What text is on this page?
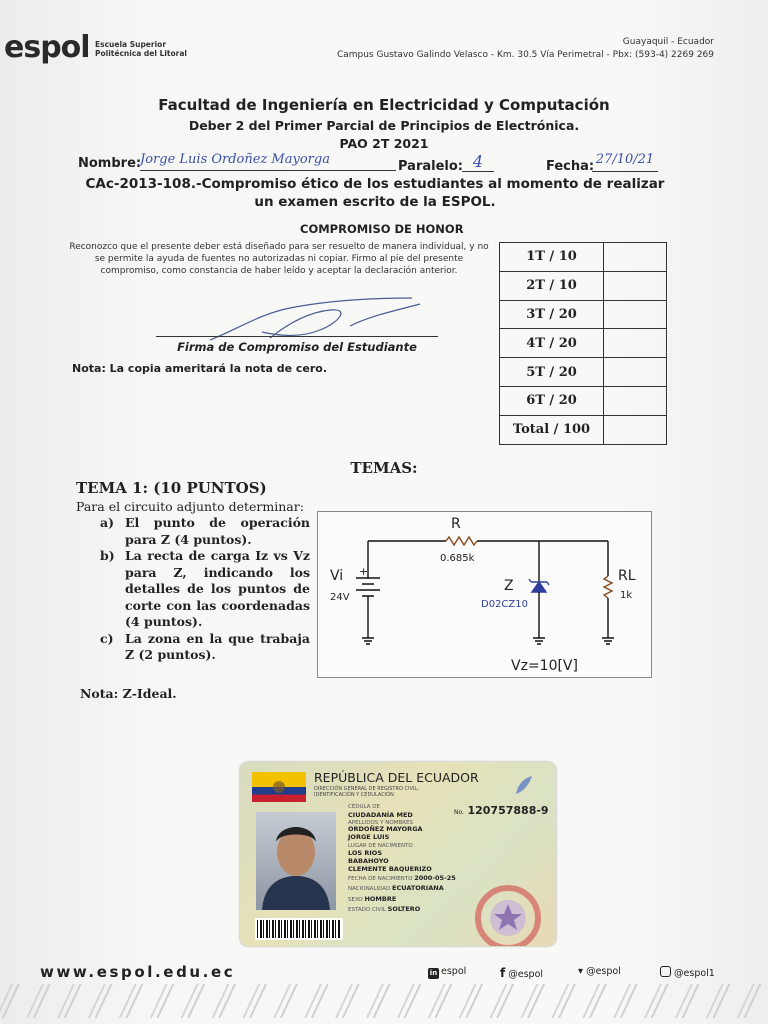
espol Escuela Superior
Politécnica del Litoral
Guayaquil - Ecuador
Campus Gustavo Galindo Velasco - Km. 30.5 Vía Perimetral - Pbx: (593-4) 2269 269
Facultad de Ingeniería en Electricidad y Computación
Deber 2 del Primer Parcial de Principios de Electrónica.
PAO 2T 2021
Nombre:
Jorge Luis Ordoñez Mayorga	Paralelo: 4	Fecha: 27/10/21
CAc-2013-108.-Compromiso ético de los estudiantes al momento de realizar
un examen escrito de la ESPOL.
COMPROMISO DE HONOR
Reconozco que el presente deber está diseñado para ser resuelto de manera individual, y no se permite la ayuda de fuentes no autorizadas ni copiar. Firmo al pie del presente compromiso, como constancia de haber leído y aceptar la declaración anterior.
Firma de Compromiso del Estudiante
Nota: La copia ameritará la nota de cero.
1T / 10	
2T / 10	
3T / 20	
4T / 20	
5T / 20	
6T / 20	
Total / 100	
TEMAS:
TEMA 1: (10 PUNTOS)
Para el circuito adjunto determinar:
a) El punto de operación para Z (4 puntos).
b) La recta de carga Iz vs Vz para Z, indicando los detalles de los puntos de corte con las coordenadas (4 puntos).
c) La zona en la que trabaja Z (2 puntos).
Nota: Z-Ideal.
R
0.685k
Vi +
24V
Z
D02CZ10
RL
1k
Vz=10[V]
REPÚBLICA DEL ECUADOR
DIRECCIÓN GENERAL DE REGISTRO CIVIL,
IDENTIFICACIÓN Y CEDULACIÓN
No. 120757888-9
CÉDULA DE
CIUDADANÍA MED
APELLIDOS Y NOMBRES
ORDOÑEZ MAYORGA
JORGE LUIS
LUGAR DE NACIMIENTO
LOS RIOS
BABAHOYO
CLEMENTE BAQUERIZO
FECHA DE NACIMIENTO 2000-05-25
NACIONALIDAD ECUATORIANA
SEXO HOMBRE
ESTADO CIVIL SOLTERO
www.espol.edu.ec	in espol	f @espol	▾ @espol	@espol1
